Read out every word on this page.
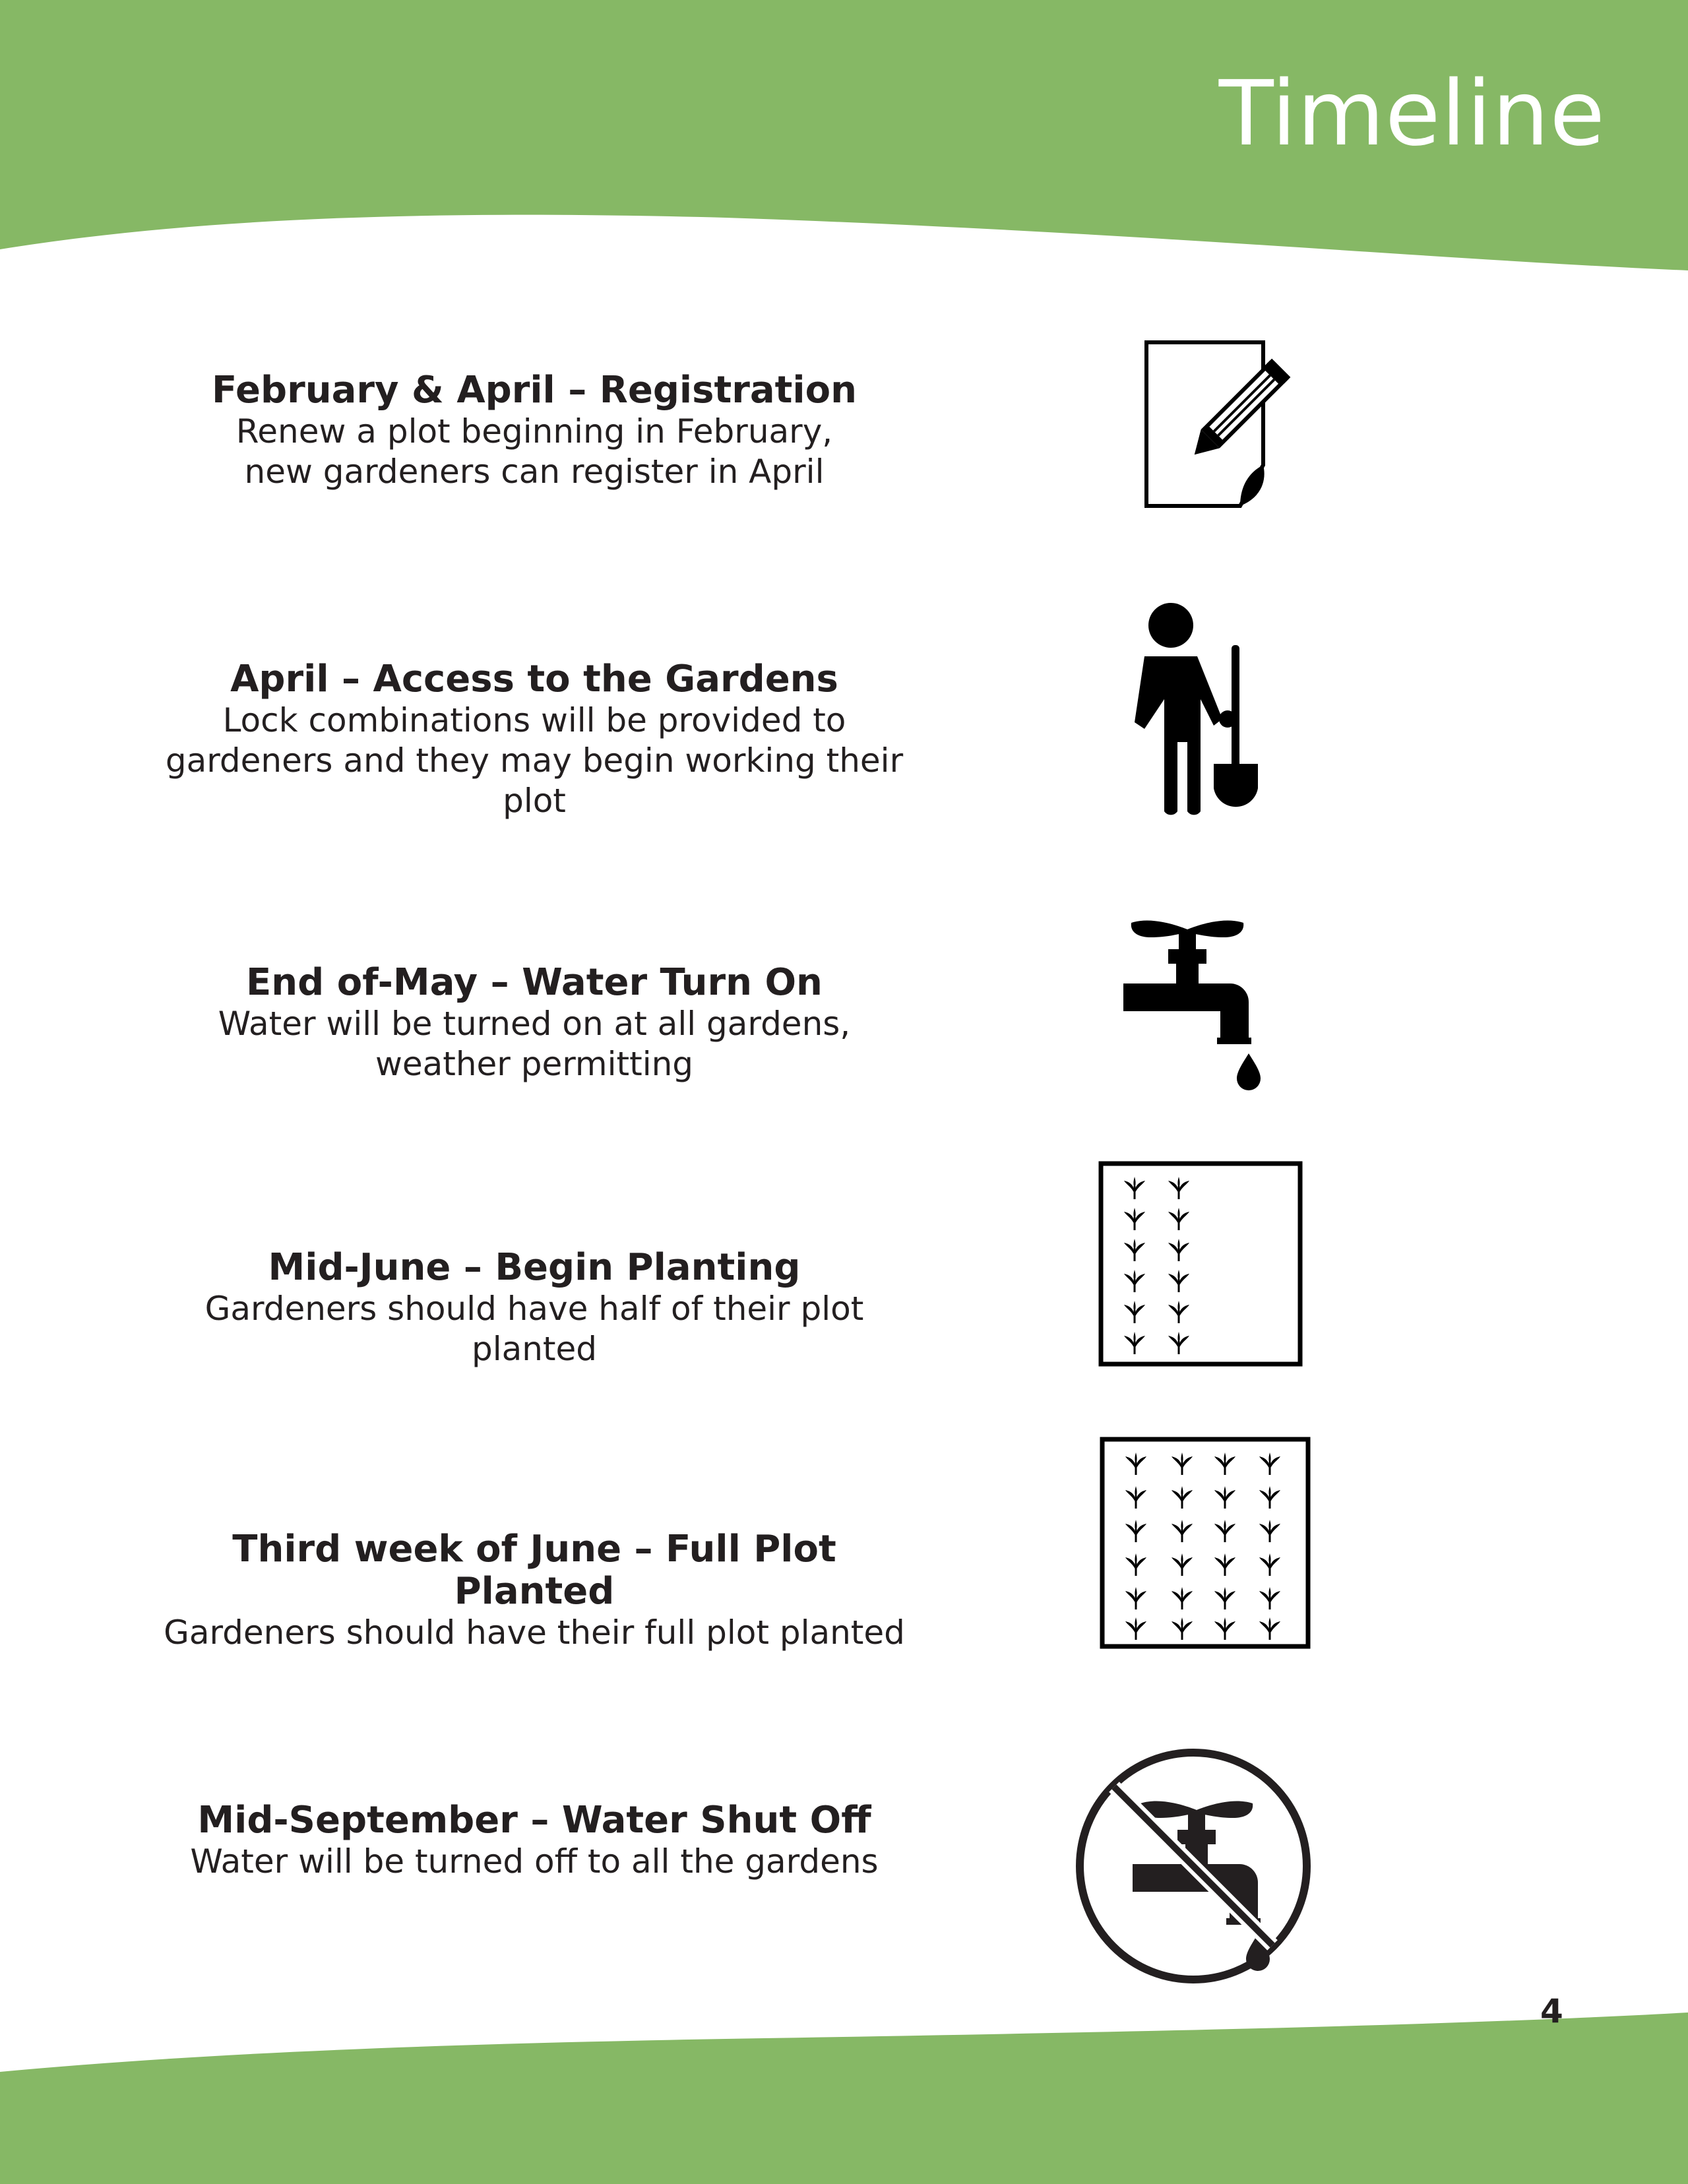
Timeline
February & April – Registration

Renew a plot beginning in February,

new gardeners can register in April

April – Access to the Gardens

Lock combinations will be provided to

gardeners and they may begin working their

plot

End of-May – Water Turn On

Water will be turned on at all gardens,

weather permitting

Mid-June – Begin Planting

Gardeners should have half of their plot

planted

Third week of June – Full Plot Planted

Gardeners should have their full plot planted

Mid-September – Water Shut Off

Water will be turned off to all the gardens

4
